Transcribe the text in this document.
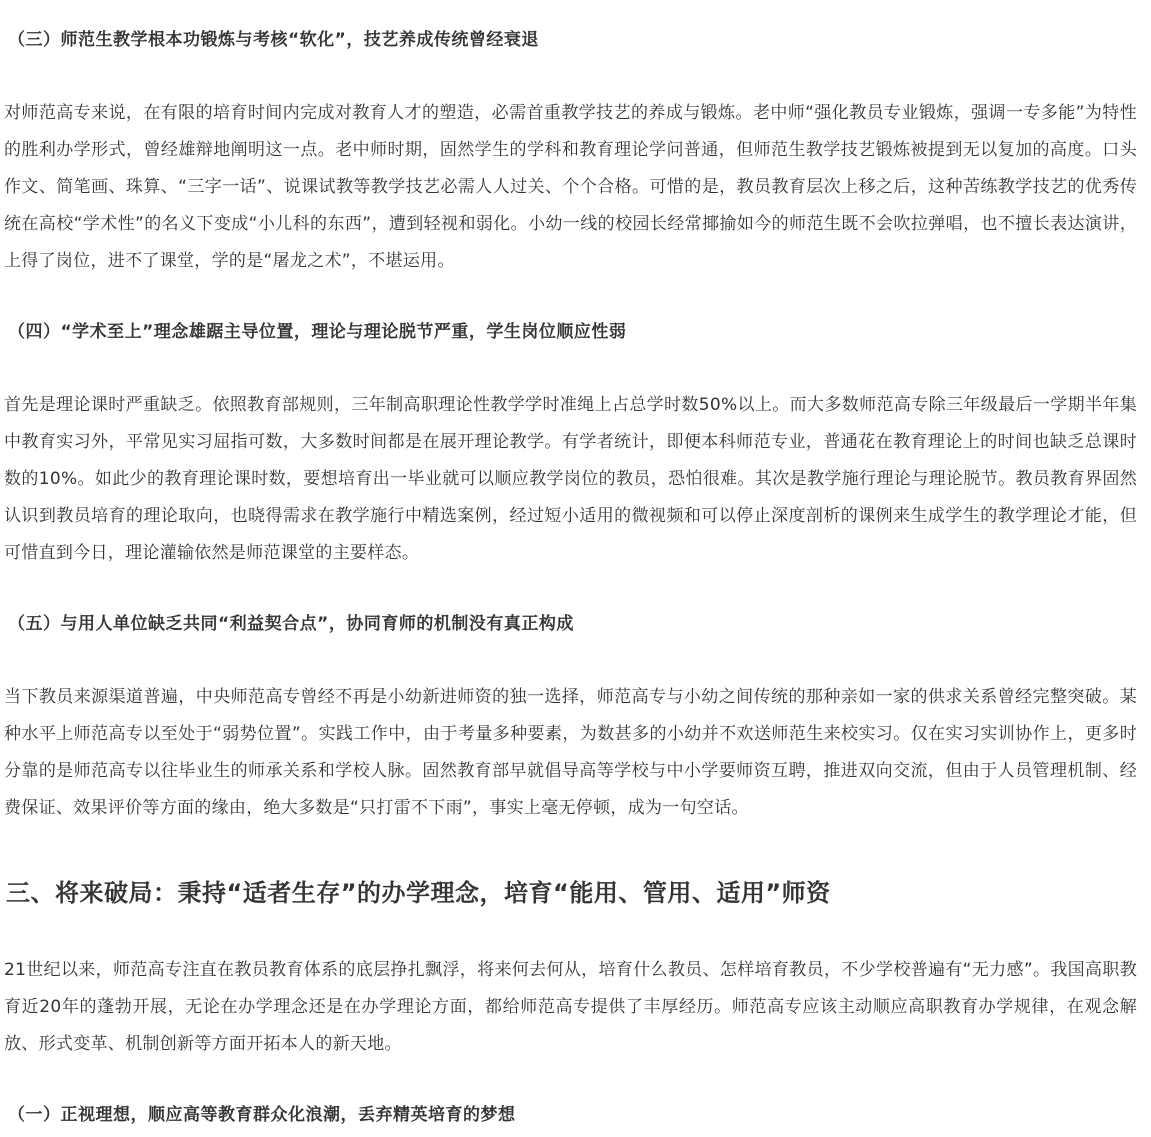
（三）师范生教学根本功锻炼与考核“软化”，技艺养成传统曾经衰退

对师范高专来说，在有限的培育时间内完成对教育人才的塑造，必需首重教学技艺的养成与锻炼。老中师“强化教员专业锻炼，强调一专多能”为特性的胜利办学形式，曾经雄辩地阐明这一点。老中师时期，固然学生的学科和教育理论学问普通，但师范生教学技艺锻炼被提到无以复加的高度。口头作文、简笔画、珠算、“三字一话”、说课试教等教学技艺必需人人过关、个个合格。可惜的是，教员教育层次上移之后，这种苦练教学技艺的优秀传统在高校“学术性”的名义下变成“小儿科的东西”，遭到轻视和弱化。小幼一线的校园长经常揶揄如今的师范生既不会吹拉弹唱，也不擅长表达演讲，上得了岗位，进不了课堂，学的是“屠龙之术”，不堪运用。

（四）“学术至上”理念雄踞主导位置，理论与理论脱节严重，学生岗位顺应性弱

首先是理论课时严重缺乏。依照教育部规则，三年制高职理论性教学学时准绳上占总学时数50%以上。而大多数师范高专除三年级最后一学期半年集中教育实习外，平常见实习屈指可数，大多数时间都是在展开理论教学。有学者统计，即便本科师范专业，普通花在教育理论上的时间也缺乏总课时数的10%。如此少的教育理论课时数，要想培育出一毕业就可以顺应教学岗位的教员，恐怕很难。其次是教学施行理论与理论脱节。教员教育界固然认识到教员培育的理论取向，也晓得需求在教学施行中精选案例，经过短小适用的微视频和可以停止深度剖析的课例来生成学生的教学理论才能，但可惜直到今日，理论灌输依然是师范课堂的主要样态。

（五）与用人单位缺乏共同“利益契合点”，协同育师的机制没有真正构成

当下教员来源渠道普遍，中央师范高专曾经不再是小幼新进师资的独一选择，师范高专与小幼之间传统的那种亲如一家的供求关系曾经完整突破。某种水平上师范高专以至处于“弱势位置”。实践工作中，由于考量多种要素，为数甚多的小幼并不欢送师范生来校实习。仅在实习实训协作上，更多时分靠的是师范高专以往毕业生的师承关系和学校人脉。固然教育部早就倡导高等学校与中小学要师资互聘，推进双向交流，但由于人员管理机制、经费保证、效果评价等方面的缘由，绝大多数是“只打雷不下雨”，事实上毫无停顿，成为一句空话。

三、将来破局：秉持“适者生存”的办学理念，培育“能用、管用、适用”师资

21世纪以来，师范高专注直在教员教育体系的底层挣扎飘浮，将来何去何从，培育什么教员、怎样培育教员，不少学校普遍有“无力感”。我国高职教育近20年的蓬勃开展，无论在办学理念还是在办学理论方面，都给师范高专提供了丰厚经历。师范高专应该主动顺应高职教育办学规律，在观念解放、形式变革、机制创新等方面开拓本人的新天地。

（一）正视理想，顺应高等教育群众化浪潮，丢弃精英培育的梦想
